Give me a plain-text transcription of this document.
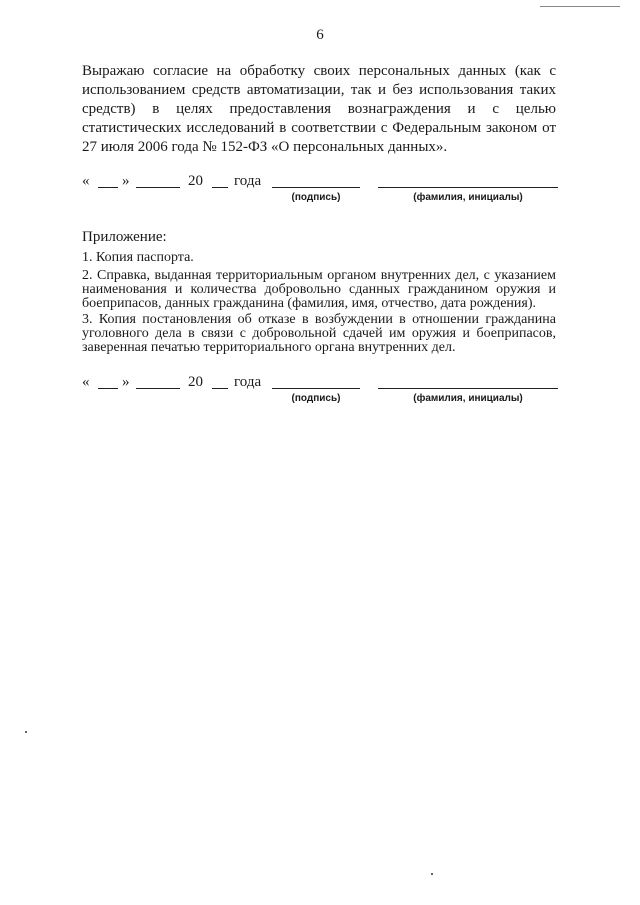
6
Выражаю согласие на обработку своих персональных данных (как с использованием средств автоматизации, так и без использования таких средств) в целях предоставления вознаграждения и с целью статистических исследований в соответствии с Федеральным законом от 27 июля 2006 года № 152-ФЗ «О персональных данных».
« »	20 года
(подпись)	(фамилия, инициалы)
Приложение:
1. Копия паспорта.
2. Справка, выданная территориальным органом внутренних дел, с указанием наименования и количества добровольно сданных гражданином оружия и боеприпасов, данных гражданина (фамилия, имя, отчество, дата рождения).
3. Копия постановления об отказе в возбуждении в отношении гражданина уголовного дела в связи с добровольной сдачей им оружия и боеприпасов, заверенная печатью территориального органа внутренних дел.
« »	20 года
(подпись)	(фамилия, инициалы)
